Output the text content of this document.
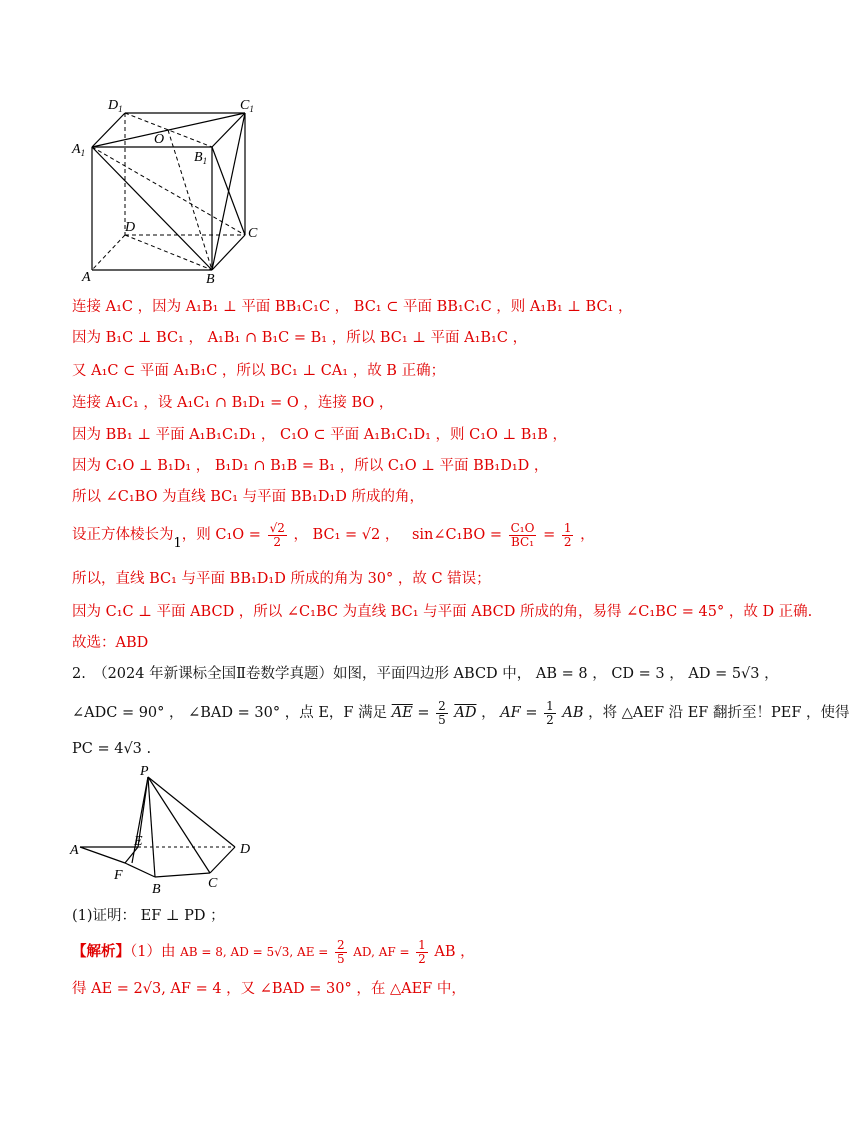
$D_1$	$C_1$
$A_1$	$B_1$
O
D	C
A	B
连接 A₁C ，因为 A₁B₁ ⊥ 平面 BB₁C₁C ， BC₁ ⊂ 平面 BB₁C₁C ，则 A₁B₁ ⊥ BC₁ ，
因为 B₁C ⊥ BC₁ ， A₁B₁ ∩ B₁C = B₁ ，所以 BC₁ ⊥ 平面 A₁B₁C ，
又 A₁C ⊂ 平面 A₁B₁C ，所以 BC₁ ⊥ CA₁ ，故 B 正确；
连接 A₁C₁ ，设 A₁C₁ ∩ B₁D₁ = O ，连接 BO ，
因为 BB₁ ⊥ 平面 A₁B₁C₁D₁ ， C₁O ⊂ 平面 A₁B₁C₁D₁ ，则 C₁O ⊥ B₁B ，
因为 C₁O ⊥ B₁D₁ ， B₁D₁ ∩ B₁B = B₁ ，所以 C₁O ⊥ 平面 BB₁D₁D ，
所以 ∠C₁BO 为直线 BC₁ 与平面 BB₁D₁D 所成的角，
设正方体棱长为1，则 $C_1O = \frac{√2}{2}$ ， BC₁ = √2 ， sin∠C₁BO = $\frac{\text{C₁O}}{\text{BC₁}} = \frac{1}{2}$ ，
所以，直线 BC₁ 与平面 BB₁D₁D 所成的角为 30° ，故 C 错误；
因为 C₁C ⊥ 平面 ABCD ，所以 ∠C₁BC 为直线 BC₁ 与平面 ABCD 所成的角，易得 ∠C₁BC = 45° ，故 D 正确.
故选：ABD
2.　（2024 年新课标全国Ⅱ卷数学真题）如图，平面四边形 ABCD 中， AB = 8 ， CD = 3 ， AD = 5√3 ，
∠ADC = 90° ， ∠BAD = 30° ，点 E，F 满足 $\overline{AE} = \frac{2}{5} \overline{AD}$ ， AF = $\frac{1}{2}$ AB ，将 △AEF 沿 EF 翻折至！PEF ，使得
PC = 4√3 .
P
A
E
D
F
B	C
(1)证明： EF ⊥ PD ；
【解析】（1）由 AB = 8, AD = 5√3, AE = $\frac{2}{5}$ AD, AF = $\frac{1}{2}$ AB ，
得 AE = 2√3, AF = 4 ，又 ∠BAD = 30° ，在 △AEF 中，
